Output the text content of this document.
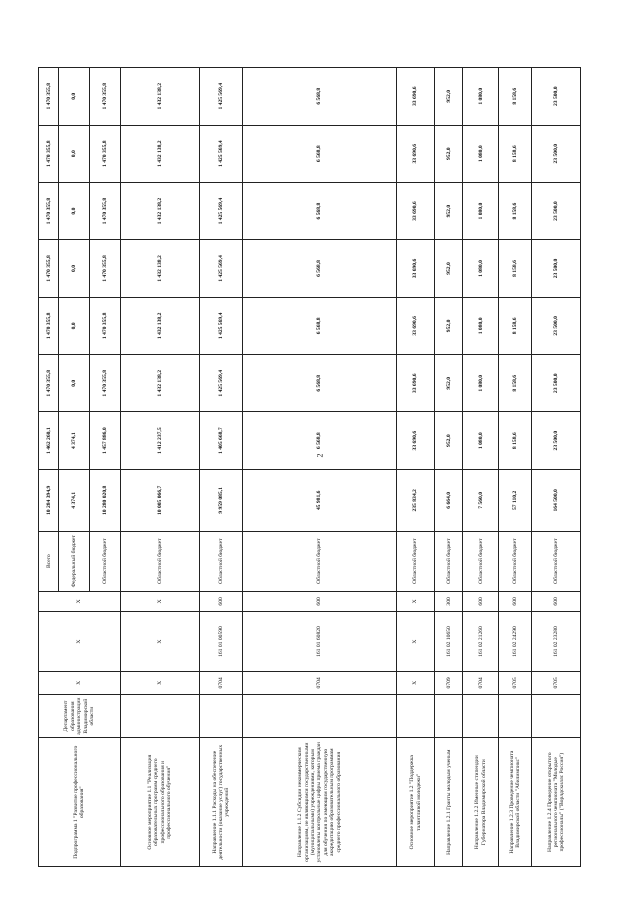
2
Подпрограмма 1 "Развитие профессионального образования"	Департамент образования администрации Владимирской области	Х	Х	Х	Всего	10 284 394,9	1 462 260,1	1 470 355,8	1 470 355,8	1 470 355,8	1 470 355,8	1 470 355,8	1 470 355,8
					Федеральный бюджет	4 374,1	4 374,1	0,0	0,0	0,0	0,0	0,0	0,0
					Областной бюджет	10 280 020,8	1 457 886,0	1 470 355,8	1 470 355,8	1 470 355,8	1 470 355,8	1 470 355,8	1 470 355,8
Основное мероприятие 1.1 "Реализация образовательных программ среднего профессионального образования и профессионального обучения"		Х	Х	Х	Областной бюджет	10 005 066,7	1 412 237,5	1 432 138,2	1 432 138,2	1 432 138,2	1 432 138,2	1 432 138,2	1 432 138,2
Направление 1.1.1 Расходы на обеспечение деятельности (оказание услуг) государственных учреждений		0704	161 01 00590	600	Областной бюджет	9 959 085,1	1 405 668,7	1 425 569,4	1 425 569,4	1 425 569,4	1 425 569,4	1 425 569,4	1 425 569,4
Направление 1.1.2 Субсидии некоммерческим организациям, не являющимся государственными (муниципальными) учреждениями, которым установлены контрольные цифры приема граждан для обучения по имеющим государственную аккредитацию образовательным программам среднего профессионального образования		0704	161 01 60820	600	Областной бюджет	45 981,6	6 568,8	6 568,8	6 568,8	6 568,8	6 568,8	6 568,8	6 568,8
Основное мероприятие 1.2 "Поддержка талантливой молодежи"		Х	Х	Х	Областной бюджет	235 834,2	33 690,6	33 690,6	33 690,6	33 690,6	33 690,6	33 690,6	33 690,6
Направление 1.2.1 Гранты молодым ученым		0709	161 02 10650	300	Областной бюджет	6 664,0	952,0	952,0	952,0	952,0	952,0	952,0	952,0
Направление 1.2.2 Именные стипендии Губернатора Владимирской области		0704	161 02 21260	600	Областной бюджет	7 560,0	1 080,0	1 080,0	1 080,0	1 080,0	1 080,0	1 080,0	1 080,0
Направление 1.2.3 Проведение чемпионата Владимирской области "Абилимпикс"		0705	161 02 24290	600	Областной бюджет	57 110,2	8 158,6	8 158,6	8 158,6	8 158,6	8 158,6	8 158,6	8 158,6
Направление 1.2.4 Проведение открытого регионального чемпионата "Молодые профессионалы" ("Ворлдскиллс Россия")		0705	161 02 23280	600	Областной бюджет	164 500,0	23 500,0	23 500,0	23 500,0	23 500,0	23 500,0	23 500,0	23 500,0
